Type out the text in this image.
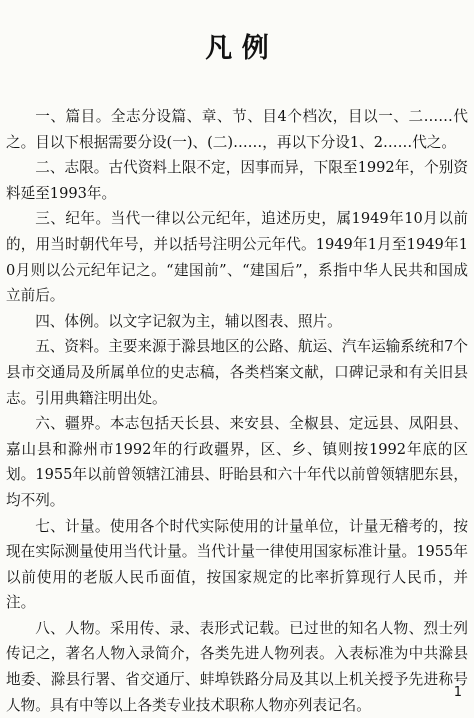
凡 例

一、篇目。全志分设篇、章、节、目4个档次，目以一、二……代之。目以下根据需要分设(一)、(二)……，再以下分设1、2……代之。

二、志限。古代资料上限不定，因事而异，下限至1992年，个别资料延至1993年。

三、纪年。当代一律以公元纪年，追述历史，属1949年10月以前的，用当时朝代年号，并以括号注明公元年代。1949年1月至1949年10月则以公元纪年记之。“建国前”、“建国后”，系指中华人民共和国成立前后。

四、体例。以文字记叙为主，辅以图表、照片。

五、资料。主要来源于滁县地区的公路、航运、汽车运输系统和7个县市交通局及所属单位的史志稿，各类档案文献，口碑记录和有关旧县志。引用典籍注明出处。

六、疆界。本志包括天长县、来安县、全椒县、定远县、凤阳县、嘉山县和滁州市1992年的行政疆界，区、乡、镇则按1992年底的区划。1955年以前曾领辖江浦县、盱眙县和六十年代以前曾领辖肥东县，均不列。

七、计量。使用各个时代实际使用的计量单位，计量无稽考的，按现在实际测量使用当代计量。当代计量一律使用国家标准计量。1955年以前使用的老版人民币面值，按国家规定的比率折算现行人民币，并注。

八、人物。采用传、录、表形式记载。已过世的知名人物、烈士列传记之，著名人物入录简介，各类先进人物列表。入表标准为中共滁县地委、滁县行署、省交通厅、蚌埠铁路分局及其以上机关授予先进称号人物。具有中等以上各类专业技术职称人物亦列表记名。

1
